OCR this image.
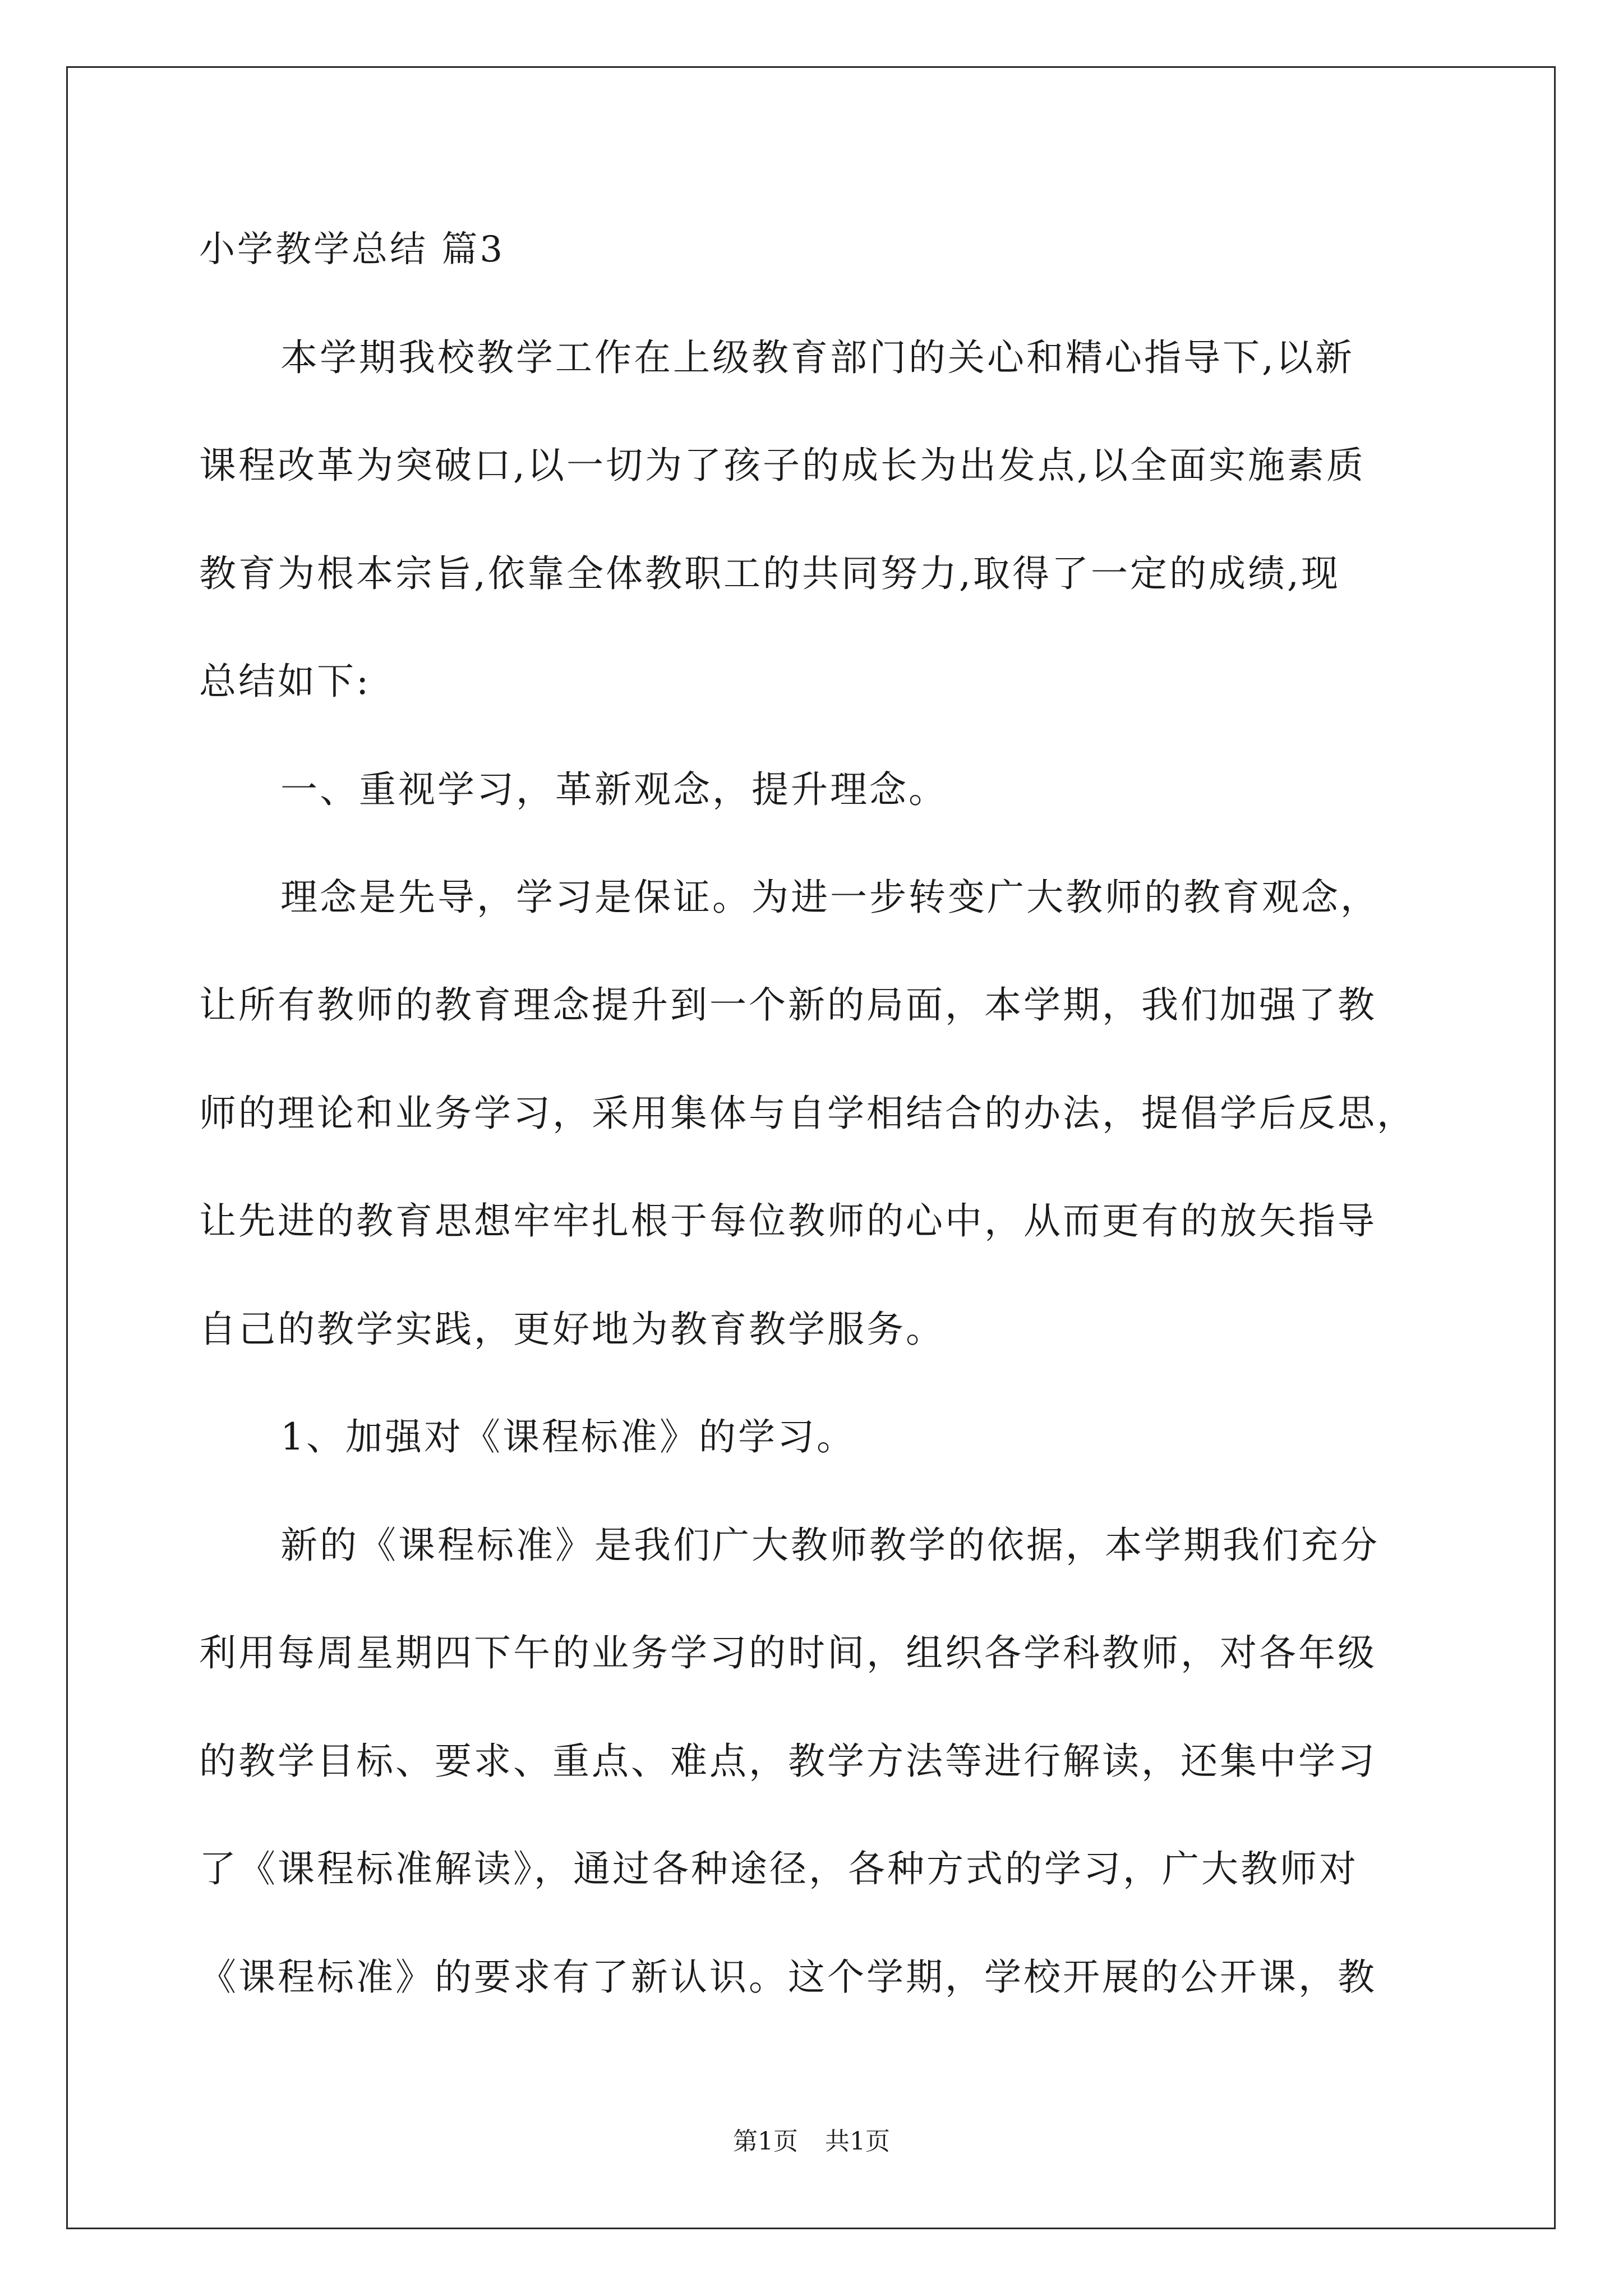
小学教学总结 篇3

本学期我校教学工作在上级教育部门的关心和精心指导下,以新

课程改革为突破口,以一切为了孩子的成长为出发点,以全面实施素质

教育为根本宗旨,依靠全体教职工的共同努力,取得了一定的成绩,现

总结如下:

一、重视学习，革新观念，提升理念。

理念是先导，学习是保证。为进一步转变广大教师的教育观念，

让所有教师的教育理念提升到一个新的局面，本学期，我们加强了教

师的理论和业务学习，采用集体与自学相结合的办法，提倡学后反思，

让先进的教育思想牢牢扎根于每位教师的心中，从而更有的放矢指导

自己的教学实践，更好地为教育教学服务。

1、加强对《课程标准》的学习。

新的《课程标准》是我们广大教师教学的依据，本学期我们充分

利用每周星期四下午的业务学习的时间，组织各学科教师，对各年级

的教学目标、要求、重点、难点，教学方法等进行解读，还集中学习

了《课程标准解读》，通过各种途径，各种方式的学习，广大教师对

《课程标准》的要求有了新认识。这个学期，学校开展的公开课，教

第1页 共1页
